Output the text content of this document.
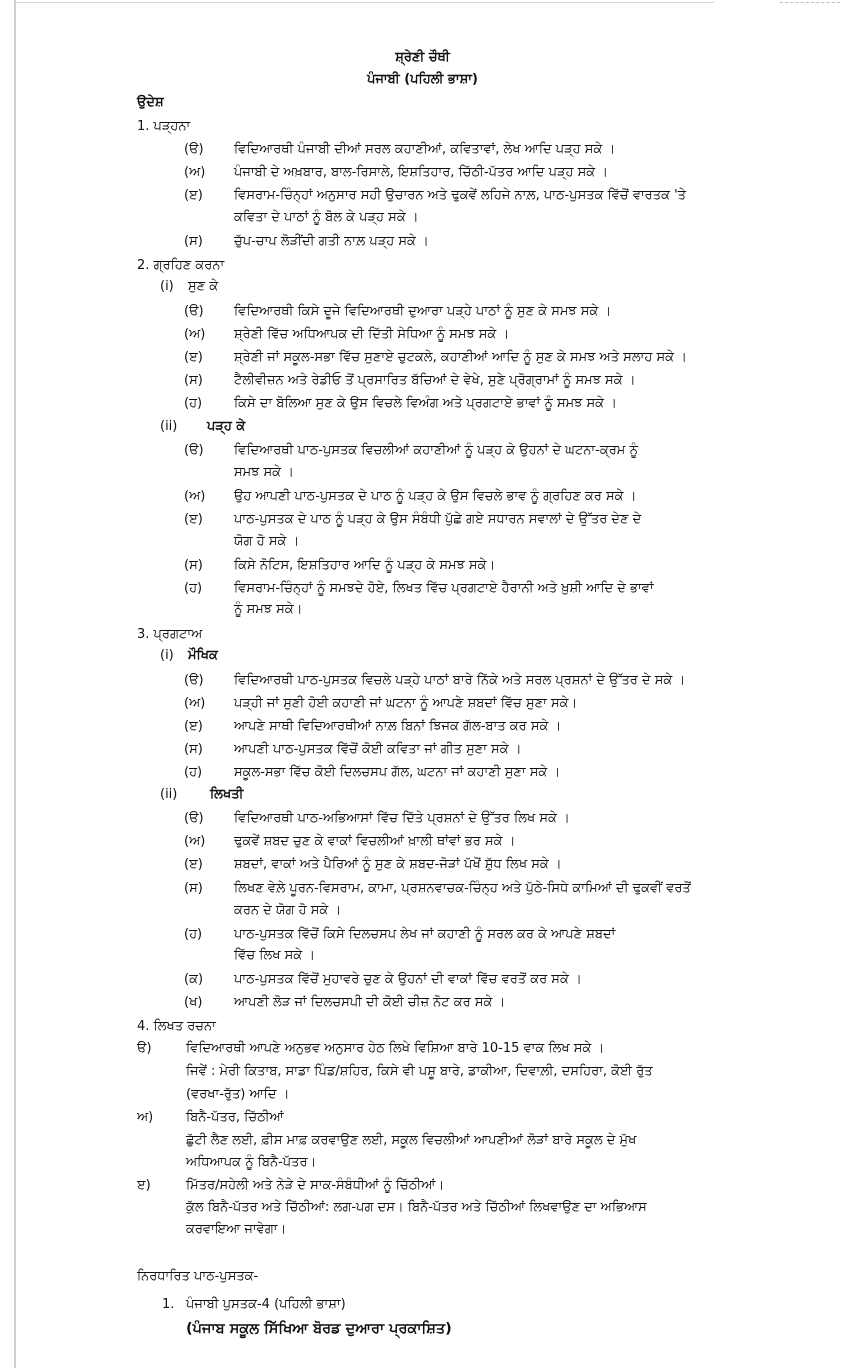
ਸ਼੍ਰੇਣੀ ਚੌਥੀ
ਪੰਜਾਬੀ (ਪਹਿਲੀ ਭਾਸ਼ਾ)
ਉਦੇਸ਼
1. ਪੜ੍ਹਨਾ
(ੳ) ਵਿਦਿਆਰਥੀ ਪੰਜਾਬੀ ਦੀਆਂ ਸਰਲ ਕਹਾਣੀਆਂ, ਕਵਿਤਾਵਾਂ, ਲੇਖ ਆਦਿ ਪੜ੍ਹ ਸਕੇ ।
(ਅ) ਪੰਜਾਬੀ ਦੇ ਅਖ਼ਬਾਰ, ਬਾਲ-ਰਿਸਾਲੇ, ਇਸ਼ਤਿਹਾਰ, ਚਿੱਠੀ-ਪੱਤਰ ਆਦਿ ਪੜ੍ਹ ਸਕੇ ।
(ੲ) ਵਿਸਰਾਮ-ਚਿੰਨ੍ਹਾਂ ਅਨੁਸਾਰ ਸਹੀ ਉਚਾਰਨ ਅਤੇ ਢੁਕਵੇਂ ਲਹਿਜੇ ਨਾਲ਼, ਪਾਠ-ਪੁਸਤਕ ਵਿੱਚੋਂ ਵਾਰਤਕ 'ਤੇ
ਕਵਿਤਾ ਦੇ ਪਾਠਾਂ ਨੂੰ ਬੋਲ ਕੇ ਪੜ੍ਹ ਸਕੇ ।
(ਸ) ਚੁੱਪ-ਚਾਪ ਲੋੜੀਂਦੀ ਗਤੀ ਨਾਲ਼ ਪੜ੍ਹ ਸਕੇ ।
2. ਗ੍ਰਹਿਣ ਕਰਨਾ
(i) ਸੁਣ ਕੇ
(ੳ) ਵਿਦਿਆਰਥੀ ਕਿਸੇ ਦੂਜੇ ਵਿਦਿਆਰਥੀ ਦੁਆਰਾ ਪੜ੍ਹੇ ਪਾਠਾਂ ਨੂੰ ਸੁਣ ਕੇ ਸਮਝ ਸਕੇ ।
(ਅ) ਸ਼੍ਰੇਣੀ ਵਿੱਚ ਅਧਿਆਪਕ ਦੀ ਦਿੱਤੀ ਸੇਧਿਆ ਨੂੰ ਸਮਝ ਸਕੇ ।
(ੲ) ਸ਼੍ਰੇਣੀ ਜਾਂ ਸਕੂਲ-ਸਭਾ ਵਿੱਚ ਸੁਣਾਏ ਚੁਟਕਲੇ, ਕਹਾਣੀਆਂ ਆਦਿ ਨੂੰ ਸੁਣ ਕੇ ਸਮਝ ਅਤੇ ਸਲਾਹ ਸਕੇ ।
(ਸ) ਟੈਲੀਵੀਜ਼ਨ ਅਤੇ ਰੇਡੀਓ ਤੋਂ ਪ੍ਰਸਾਰਿਤ ਬੱਚਿਆਂ ਦੇ ਵੇਖੇ, ਸੁਣੇ ਪ੍ਰੋਗ੍ਰਾਮਾਂ ਨੂੰ ਸਮਝ ਸਕੇ ।
(ਹ) ਕਿਸੇ ਦਾ ਬੋਲਿਆ ਸੁਣ ਕੇ ਉਸ ਵਿਚਲੇ ਵਿਅੰਗ ਅਤੇ ਪ੍ਰਗਟਾਏ ਭਾਵਾਂ ਨੂੰ ਸਮਝ ਸਕੇ ।
(ii) ਪੜ੍ਹ ਕੇ
(ੳ) ਵਿਦਿਆਰਥੀ ਪਾਠ-ਪੁਸਤਕ ਵਿਚਲੀਆਂ ਕਹਾਣੀਆਂ ਨੂੰ ਪੜ੍ਹ ਕੇ ਉਹਨਾਂ ਦੇ ਘਟਨਾ-ਕ੍ਰਮ ਨੂੰ
ਸਮਝ ਸਕੇ ।
(ਅ) ਉਹ ਆਪਣੀ ਪਾਠ-ਪੁਸਤਕ ਦੇ ਪਾਠ ਨੂੰ ਪੜ੍ਹ ਕੇ ਉਸ ਵਿਚਲੇ ਭਾਵ ਨੂੰ ਗ੍ਰਹਿਣ ਕਰ ਸਕੇ ।
(ੲ) ਪਾਠ-ਪੁਸਤਕ ਦੇ ਪਾਠ ਨੂੰ ਪੜ੍ਹ ਕੇ ਉਸ ਸੰਬੰਧੀ ਪੁੱਛੇ ਗਏ ਸਧਾਰਨ ਸਵਾਲਾਂ ਦੇ ਉੱਤਰ ਦੇਣ ਦੇ
ਯੋਗ ਹੋ ਸਕੇ ।
(ਸ) ਕਿਸੇ ਨੋਟਿਸ, ਇਸ਼ਤਿਹਾਰ ਆਦਿ ਨੂੰ ਪੜ੍ਹ ਕੇ ਸਮਝ ਸਕੇ।
(ਹ) ਵਿਸਰਾਮ-ਚਿੰਨ੍ਹਾਂ ਨੂੰ ਸਮਝਦੇ ਹੋਏ, ਲਿਖਤ ਵਿੱਚ ਪ੍ਰਗਟਾਏ ਹੈਰਾਨੀ ਅਤੇ ਖ਼ੁਸ਼ੀ ਆਦਿ ਦੇ ਭਾਵਾਂ
ਨੂੰ ਸਮਝ ਸਕੇ।
3. ਪ੍ਰਗਟਾਅ
(i) ਮੌਖਿਕ
(ੳ) ਵਿਦਿਆਰਥੀ ਪਾਠ-ਪੁਸਤਕ ਵਿਚਲੇ ਪੜ੍ਹੇ ਪਾਠਾਂ ਬਾਰੇ ਨਿੱਕੇ ਅਤੇ ਸਰਲ ਪ੍ਰਸ਼ਨਾਂ ਦੇ ਉੱਤਰ ਦੇ ਸਕੇ ।
(ਅ) ਪੜ੍ਹੀ ਜਾਂ ਸੁਣੀ ਹੋਈ ਕਹਾਣੀ ਜਾਂ ਘਟਨਾ ਨੂੰ ਆਪਣੇ ਸ਼ਬਦਾਂ ਵਿੱਚ ਸੁਣਾ ਸਕੇ।
(ੲ) ਆਪਣੇ ਸਾਥੀ ਵਿਦਿਆਰਥੀਆਂ ਨਾਲ਼ ਬਿਨਾਂ ਝਿਜਕ ਗੱਲ-ਬਾਤ ਕਰ ਸਕੇ ।
(ਸ) ਆਪਣੀ ਪਾਠ-ਪੁਸਤਕ ਵਿੱਚੋਂ ਕੋਈ ਕਵਿਤਾ ਜਾਂ ਗੀਤ ਸੁਣਾ ਸਕੇ ।
(ਹ) ਸਕੂਲ-ਸਭਾ ਵਿੱਚ ਕੋਈ ਦਿਲਚਸਪ ਗੱਲ, ਘਟਨਾ ਜਾਂ ਕਹਾਣੀ ਸੁਣਾ ਸਕੇ ।
(ii)	ਲਿਖਤੀ
(ੳ) ਵਿਦਿਆਰਥੀ ਪਾਠ-ਅਭਿਆਸਾਂ ਵਿੱਚ ਦਿੱਤੇ ਪ੍ਰਸ਼ਨਾਂ ਦੇ ਉੱਤਰ ਲਿਖ ਸਕੇ ।
(ਅ) ਢੁਕਵੇਂ ਸ਼ਬਦ ਚੁਣ ਕੇ ਵਾਕਾਂ ਵਿਚਲੀਆਂ ਖ਼ਾਲੀ ਥਾਂਵਾਂ ਭਰ ਸਕੇ ।
(ੲ) ਸ਼ਬਦਾਂ, ਵਾਕਾਂ ਅਤੇ ਪੈਰਿਆਂ ਨੂੰ ਸੁਣ ਕੇ ਸ਼ਬਦ-ਜੋੜਾਂ ਪੱਖੋਂ ਸ਼ੁੱਧ ਲਿਖ ਸਕੇ ।
(ਸ) ਲਿਖਣ ਵੇਲ਼ੇ ਪੂਰਨ-ਵਿਸਰਾਮ, ਕਾਮਾ, ਪ੍ਰਸ਼ਨਵਾਚਕ-ਚਿੰਨ੍ਹ ਅਤੇ ਪੁੱਠੇ-ਸਿਧੇ ਕਾਮਿਆਂ ਦੀ ਢੁਕਵੀਂ ਵਰਤੋਂ
ਕਰਨ ਦੇ ਯੋਗ ਹੋ ਸਕੇ ।
(ਹ) ਪਾਠ-ਪੁਸਤਕ ਵਿੱਚੋਂ ਕਿਸੇ ਦਿਲਚਸਪ ਲੇਖ ਜਾਂ ਕਹਾਣੀ ਨੂੰ ਸਰਲ ਕਰ ਕੇ ਆਪਣੇ ਸ਼ਬਦਾਂ
ਵਿੱਚ ਲਿਖ ਸਕੇ ।
(ਕ) ਪਾਠ-ਪੁਸਤਕ ਵਿੱਚੋਂ ਮੁਹਾਵਰੇ ਚੁਣ ਕੇ ਉਹਨਾਂ ਦੀ ਵਾਕਾਂ ਵਿੱਚ ਵਰਤੋਂ ਕਰ ਸਕੇ ।
(ਖ) ਆਪਣੀ ਲੋੜ ਜਾਂ ਦਿਲਚਸਪੀ ਦੀ ਕੋਈ ਚੀਜ਼ ਨੋਟ ਕਰ ਸਕੇ ।
4. ਲਿਖਤ ਰਚਨਾ
ੳ)	ਵਿਦਿਆਰਥੀ ਆਪਣੇ ਅਨੁਭਵ ਅਨੁਸਾਰ ਹੇਠ ਲਿਖੇ ਵਿਸ਼ਿਆ ਬਾਰੇ 10-15 ਵਾਕ ਲਿਖ ਸਕੇ ।
ਜਿਵੇਂ : ਮੇਰੀ ਕਿਤਾਬ, ਸਾਡਾ ਪਿੰਡ/ਸ਼ਹਿਰ, ਕਿਸੇ ਵੀ ਪਸ਼ੂ ਬਾਰੇ, ਡਾਕੀਆ, ਦਿਵਾਲ਼ੀ, ਦਸਹਿਰਾ, ਕੋਈ ਰੁੱਤ
(ਵਰਖਾ-ਰੁੱਤ) ਆਦਿ ।
ਅ)	ਬਿਨੈ-ਪੱਤਰ, ਚਿੱਠੀਆਂ
ਛੁੱਟੀ ਲੈਣ ਲਈ, ਫ਼ੀਸ ਮਾਫ਼ ਕਰਵਾਉਣ ਲਈ, ਸਕੂਲ ਵਿਚਲੀਆਂ ਆਪਣੀਆਂ ਲੋੜਾਂ ਬਾਰੇ ਸਕੂਲ ਦੇ ਮੁੱਖ
ਅਧਿਆਪਕ ਨੂੰ ਬਿਨੈ-ਪੱਤਰ।
ੲ)	ਮਿੱਤਰ/ਸਹੇਲੀ ਅਤੇ ਨੇੜੇ ਦੇ ਸਾਕ-ਸੰਬੰਧੀਆਂ ਨੂੰ ਚਿੱਠੀਆਂ।
ਕੁੱਲ ਬਿਨੈ-ਪੱਤਰ ਅਤੇ ਚਿੱਠੀਆਂ: ਲਗ-ਪਗ ਦਸ। ਬਿਨੈ-ਪੱਤਰ ਅਤੇ ਚਿੱਠੀਆਂ ਲਿਖਵਾਉਣ ਦਾ ਅਭਿਆਸ
ਕਰਵਾਇਆ ਜਾਵੇਗਾ।
ਨਿਰਧਾਰਿਤ ਪਾਠ-ਪੁਸਤਕ-
1. ਪੰਜਾਬੀ ਪੁਸਤਕ-4 (ਪਹਿਲੀ ਭਾਸ਼ਾ)
(ਪੰਜਾਬ ਸਕੂਲ ਸਿੱਖਿਆ ਬੋਰਡ ਦੁਆਰਾ ਪ੍ਰਕਾਸ਼ਿਤ)
